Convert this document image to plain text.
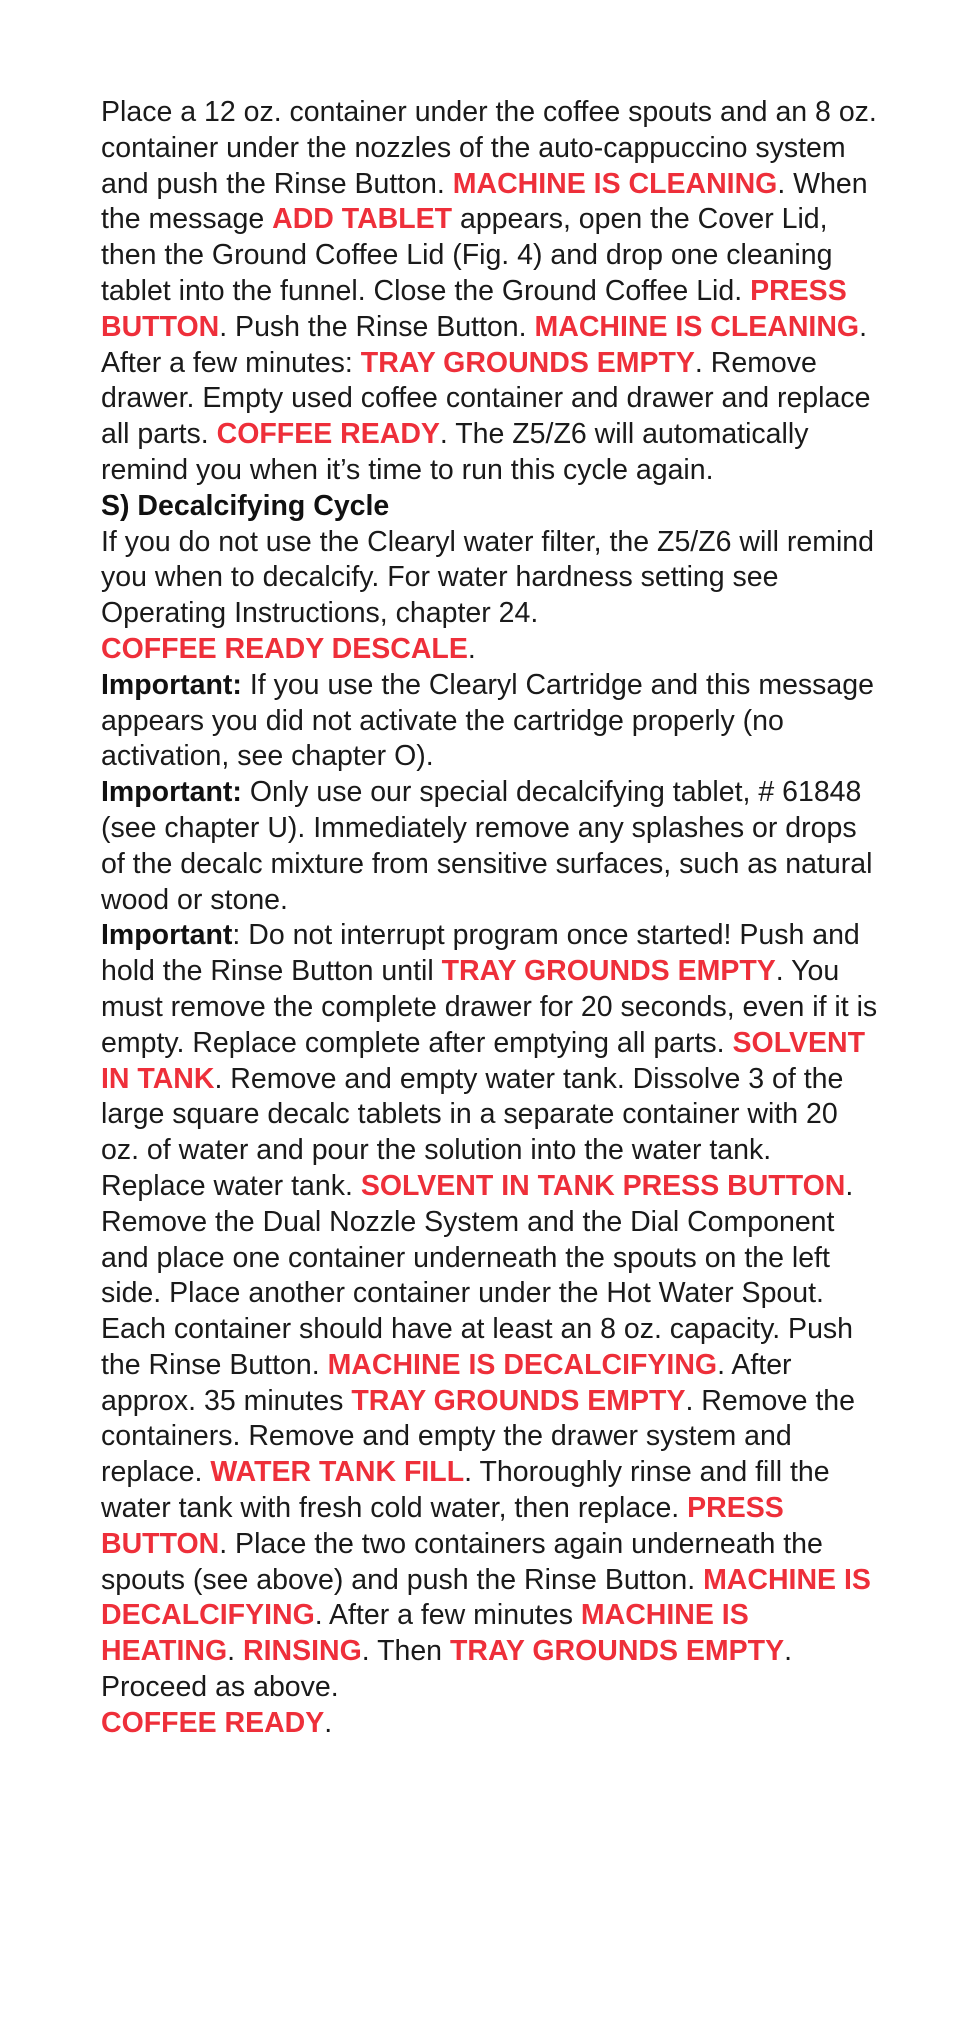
Place a 12 oz. container under the coffee spouts and an 8 oz. container under the nozzles of the auto-cappuccino system and push the Rinse Button. MACHINE IS CLEANING. When the message ADD TABLET appears, open the Cover Lid, then the Ground Coffee Lid (Fig. 4) and drop one cleaning tablet into the funnel. Close the Ground Coffee Lid. PRESS BUTTON. Push the Rinse Button. MACHINE IS CLEANING. After a few minutes: TRAY GROUNDS EMPTY. Remove drawer. Empty used coffee container and drawer and replace all parts. COFFEE READY. The Z5/Z6 will automatically remind you when it’s time to run this cycle again.

S) Decalcifying Cycle

If you do not use the Clearyl water filter, the Z5/Z6 will remind you when to decalcify. For water hardness setting see Operating Instructions, chapter 24.

COFFEE READY DESCALE.

Important: If you use the Clearyl Cartridge and this message appears you did not activate the cartridge properly (no activation, see chapter O).

Important: Only use our special decalcifying tablet, # 61848 (see chapter U). Immediately remove any splashes or drops of the decalc mixture from sensitive surfaces, such as natural wood or stone.

Important: Do not interrupt program once started! Push and hold the Rinse Button until TRAY GROUNDS EMPTY. You must remove the complete drawer for 20 seconds, even if it is empty. Replace complete after emptying all parts. SOLVENT IN TANK. Remove and empty water tank. Dissolve 3 of the large square decalc tablets in a separate container with 20 oz. of water and pour the solution into the water tank. Replace water tank. SOLVENT IN TANK PRESS BUTTON.

Remove the Dual Nozzle System and the Dial Component and place one container underneath the spouts on the left side. Place another container under the Hot Water Spout. Each container should have at least an 8 oz. capacity. Push the Rinse Button. MACHINE IS DECALCIFYING. After approx. 35 minutes TRAY GROUNDS EMPTY. Remove the containers. Remove and empty the drawer system and replace. WATER TANK FILL. Thoroughly rinse and fill the water tank with fresh cold water, then replace. PRESS BUTTON. Place the two containers again underneath the spouts (see above) and push the Rinse Button. MACHINE IS DECALCIFYING. After a few minutes MACHINE IS HEATING. RINSING. Then TRAY GROUNDS EMPTY. Proceed as above.

COFFEE READY.
